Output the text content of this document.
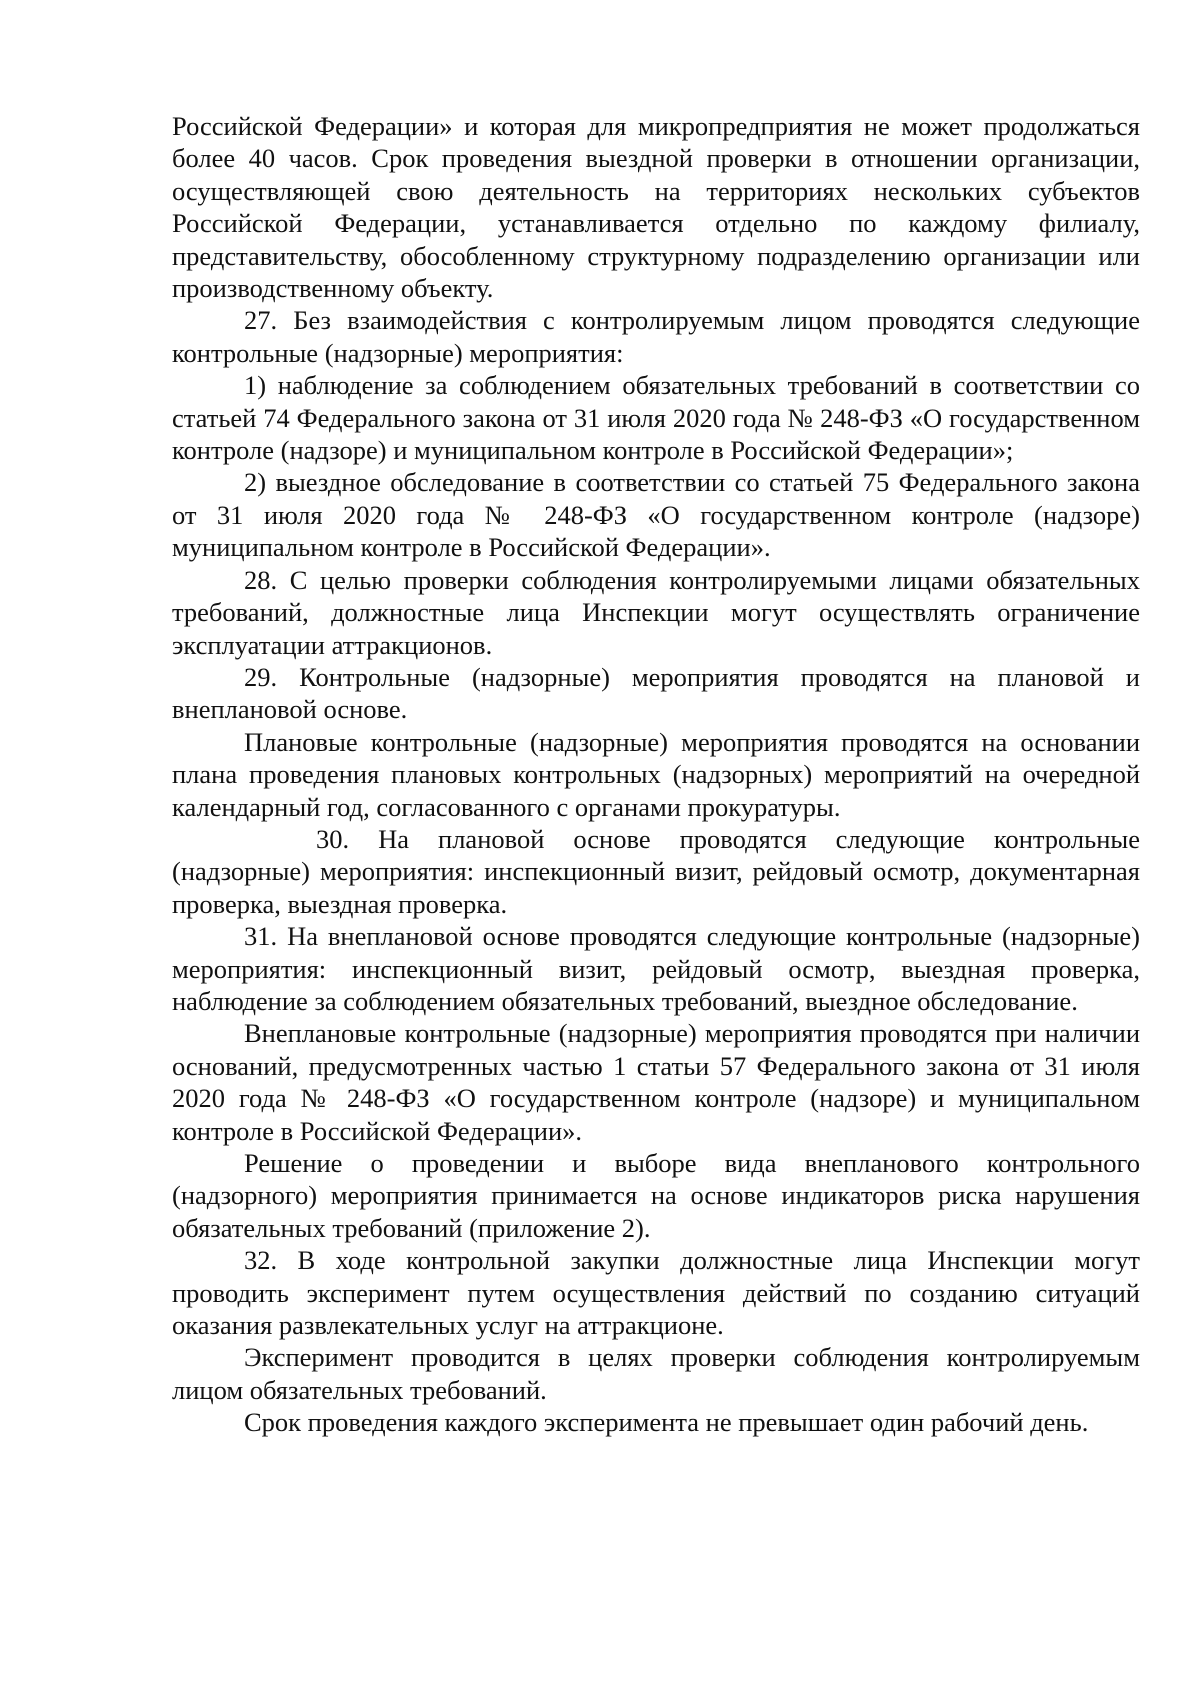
Российской Федерации» и которая для микропредприятия не может продолжаться более 40 часов. Срок проведения выездной проверки в отношении организации, осуществляющей свою деятельность на территориях нескольких субъектов Российской Федерации, устанавливается отдельно по каждому филиалу, представительству, обособленному структурному подразделению организации или производственному объекту.

27. Без взаимодействия с контролируемым лицом проводятся следующие контрольные (надзорные) мероприятия:

1) наблюдение за соблюдением обязательных требований в соответствии со статьей 74 Федерального закона от 31 июля 2020 года № 248-ФЗ «О государственном контроле (надзоре) и муниципальном контроле в Российской Федерации»;

2) выездное обследование в соответствии со статьей 75 Федерального закона от 31 июля 2020 года № 248-ФЗ «О государственном контроле (надзоре) муниципальном контроле в Российской Федерации».

28. С целью проверки соблюдения контролируемыми лицами обязательных требований, должностные лица Инспекции могут осуществлять ограничение эксплуатации аттракционов.

29. Контрольные (надзорные) мероприятия проводятся на плановой и внеплановой основе.

Плановые контрольные (надзорные) мероприятия проводятся на основании плана проведения плановых контрольных (надзорных) мероприятий на очередной календарный год, согласованного с органами прокуратуры.

30. На плановой основе проводятся следующие контрольные (надзорные) мероприятия: инспекционный визит, рейдовый осмотр, документарная проверка, выездная проверка.

31. На внеплановой основе проводятся следующие контрольные (надзорные) мероприятия: инспекционный визит, рейдовый осмотр, выездная проверка, наблюдение за соблюдением обязательных требований, выездное обследование.

Внеплановые контрольные (надзорные) мероприятия проводятся при наличии оснований, предусмотренных частью 1 статьи 57 Федерального закона от 31 июля 2020 года № 248-ФЗ «О государственном контроле (надзоре) и муниципальном контроле в Российской Федерации».

Решение о проведении и выборе вида внепланового контрольного (надзорного) мероприятия принимается на основе индикаторов риска нарушения обязательных требований (приложение 2).

32. В ходе контрольной закупки должностные лица Инспекции могут проводить эксперимент путем осуществления действий по созданию ситуаций оказания развлекательных услуг на аттракционе.

Эксперимент проводится в целях проверки соблюдения контролируемым лицом обязательных требований.

Срок проведения каждого эксперимента не превышает один рабочий день.
